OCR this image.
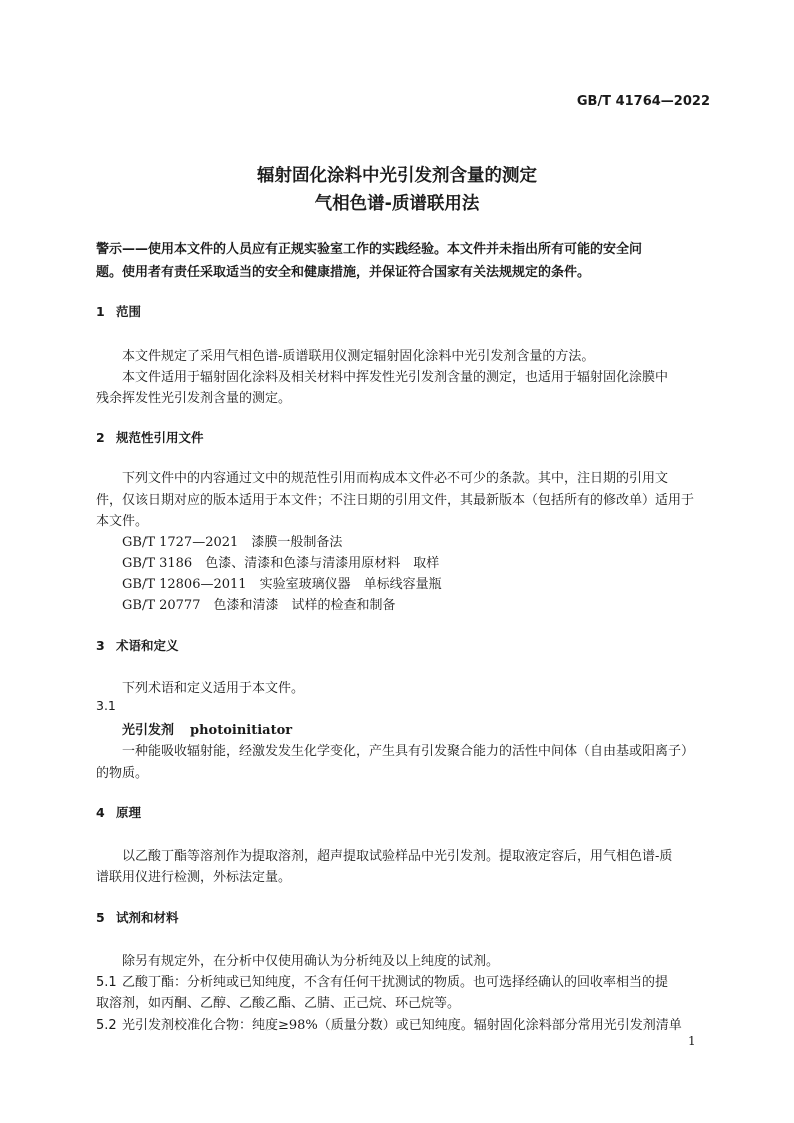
GB/T 41764—2022
辐射固化涂料中光引发剂含量的测定
气相色谱-质谱联用法
警示——使用本文件的人员应有正规实验室工作的实践经验。本文件并未指出所有可能的安全问
题。使用者有责任采取适当的安全和健康措施，并保证符合国家有关法规规定的条件。
1 范围
本文件规定了采用气相色谱-质谱联用仪测定辐射固化涂料中光引发剂含量的方法。
本文件适用于辐射固化涂料及相关材料中挥发性光引发剂含量的测定，也适用于辐射固化涂膜中
残余挥发性光引发剂含量的测定。
2 规范性引用文件
下列文件中的内容通过文中的规范性引用而构成本文件必不可少的条款。其中，注日期的引用文
件，仅该日期对应的版本适用于本文件；不注日期的引用文件，其最新版本（包括所有的修改单）适用于
本文件。
GB/T 1727—2021　 漆膜一般制备法
GB/T 3186　 色漆、清漆和色漆与清漆用原材料　取样
GB/T 12806—2011　 实验室玻璃仪器　单标线容量瓶
GB/T 20777　 色漆和清漆　试样的检查和制备
3 术语和定义
下列术语和定义适用于本文件。
3.1
光引发剂 photoinitiator
一种能吸收辐射能，经激发发生化学变化，产生具有引发聚合能力的活性中间体（自由基或阳离子）
的物质。
4 原理
以乙酸丁酯等溶剂作为提取溶剂，超声提取试验样品中光引发剂。提取液定容后，用气相色谱-质
谱联用仪进行检测，外标法定量。
5 试剂和材料
除另有规定外，在分析中仅使用确认为分析纯及以上纯度的试剂。
5.1 乙酸丁酯：分析纯或已知纯度，不含有任何干扰测试的物质。也可选择经确认的回收率相当的提
取溶剂，如丙酮、乙醇、乙酸乙酯、乙腈、正己烷、环己烷等。
5.2 光引发剂校准化合物：纯度≥98%（质量分数）或已知纯度。辐射固化涂料部分常用光引发剂清单
1
